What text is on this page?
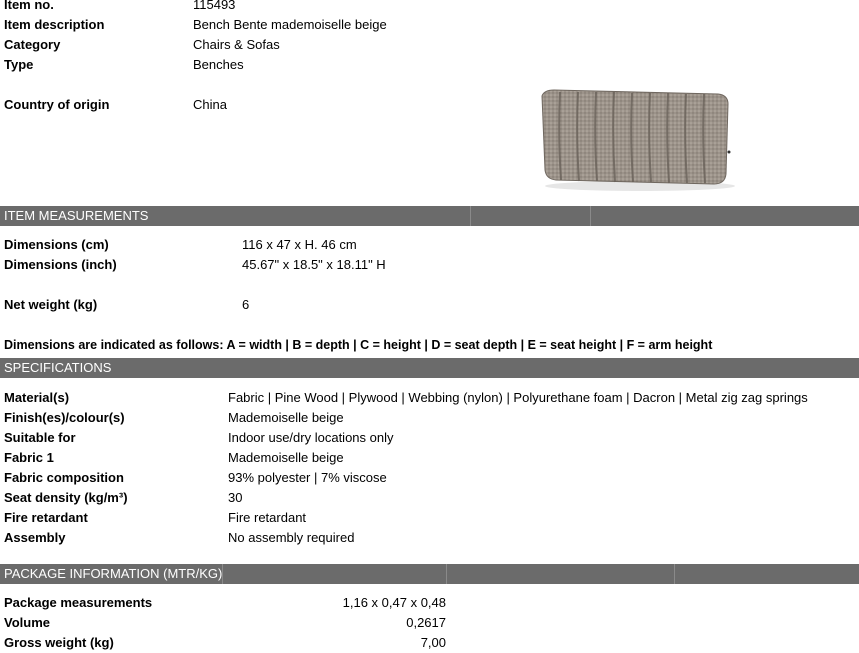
Item no.	115493
Item description	Bench Bente mademoiselle beige
Category	Chairs & Sofas
Type	Benches
Country of origin	China
ITEM MEASUREMENTS
Dimensions (cm)	116 x 47 x H. 46 cm
Dimensions (inch)	45.67" x 18.5" x 18.11" H
Net weight (kg)	6
Dimensions are indicated as follows: A = width | B = depth | C = height | D = seat depth | E = seat height | F = arm height
SPECIFICATIONS
Material(s)	Fabric | Pine Wood | Plywood | Webbing (nylon) | Polyurethane foam | Dacron | Metal zig zag springs
Finish(es)/colour(s)	Mademoiselle beige
Suitable for	Indoor use/dry locations only
Fabric 1	Mademoiselle beige
Fabric composition	93% polyester | 7% viscose
Seat density (kg/m³)	30
Fire retardant	Fire retardant
Assembly	No assembly required
PACKAGE INFORMATION (MTR/KG)
Package measurements	1,16 x 0,47 x 0,48
Volume	0,2617
Gross weight (kg)	7,00
